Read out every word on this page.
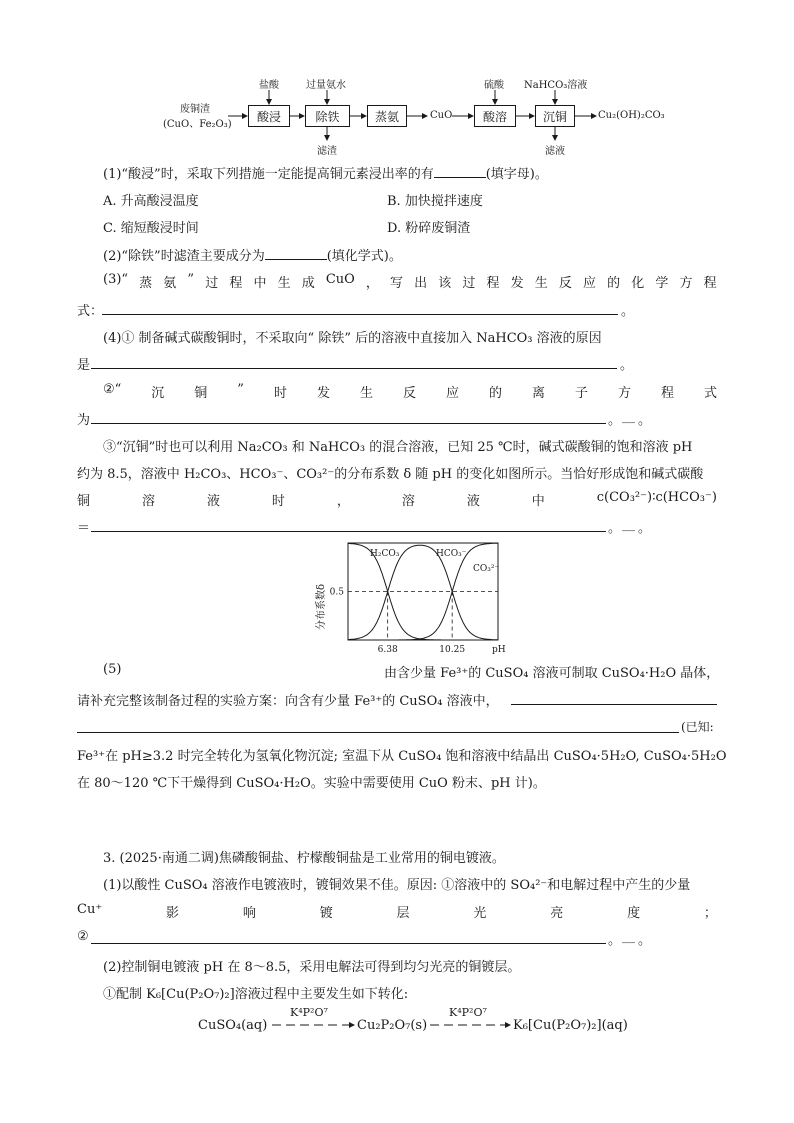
废铜渣
(CuO、Fe₂O₃)
酸浸	除铁	蒸氨	CuO	酸溶	沉铜	Cu₂(OH)₂CO₃
盐酸	过量氨水	硫酸 NaHCO₃溶液
滤渣	滤液
(1)“酸浸”时，采取下列措施一定能提高铜元素浸出率的有	(填字母)。
A. 升高酸浸温度	B. 加快搅拌速度
C. 缩短酸浸时间	D. 粉碎废铜渣
(2)“除铁”时滤渣主要成分为	(填化学式)。
(3)“ 蒸 氨 ” 过 程 中 生 成 CuO ， 写 出 该 过 程 发 生 反 应 的 化 学 方 程
式：	。
(4)① 制备碱式碳酸铜时，不采取向“ 除铁” 后的溶液中直接加入 NaHCO₃ 溶液的原因
是	。
②“ 沉 铜 ” 时 发 生 反 应 的 离 子 方 程 式
为	。 __ 。
③“沉铜”时也可以利用 Na₂CO₃ 和 NaHCO₃ 的混合溶液，已知 25 ℃时，碱式碳酸铜的饱和溶液 pH
约为 8.5，溶液中 H₂CO₃、HCO₃⁻、CO₃²⁻的分布系数 δ 随 pH 的变化如图所示。当恰好形成饱和碱式碳酸
铜	溶	液	时	，	溶	液	中	c(CO₃²⁻)∶c(HCO₃⁻)
＝	。 __ 。
分布系数δ
6.38	10.25
0.5
pH
H₂CO₃	HCO₃⁻
CO₃²⁻
(5)	由含少量 Fe³⁺的 CuSO₄ 溶液可制取 CuSO₄·H₂O 晶体，
请补充完整该制备过程的实验方案：向含有少量 Fe³⁺的 CuSO₄ 溶液中，
(已知:
Fe³⁺在 pH≥3.2 时完全转化为氢氧化物沉淀; 室温下从 CuSO₄ 饱和溶液中结晶出 CuSO₄·5H₂O, CuSO₄·5H₂O
在 80～120 ℃下干燥得到 CuSO₄·H₂O。实验中需要使用 CuO 粉末、pH 计)。
3. (2025·南通二调)焦磷酸铜盐、柠檬酸铜盐是工业常用的铜电镀液。
(1)以酸性 CuSO₄ 溶液作电镀液时，镀铜效果不佳。原因: ①溶液中的 SO₄²⁻和电解过程中产生的少量
Cu⁺	影	响	镀	层	光	亮	度	；
②	。 __ 。
(2)控制铜电镀液 pH 在 8～8.5，采用电解法可得到均匀光亮的铜镀层。
①配制 K₆[Cu(P₂O₇)₂]溶液过程中主要发生如下转化:
CuSO₄(aq)
K⁴P²O⁷
Cu₂P₂O₇(s)
K⁴P²O⁷
K₆[Cu(P₂O₇)₂](aq)
